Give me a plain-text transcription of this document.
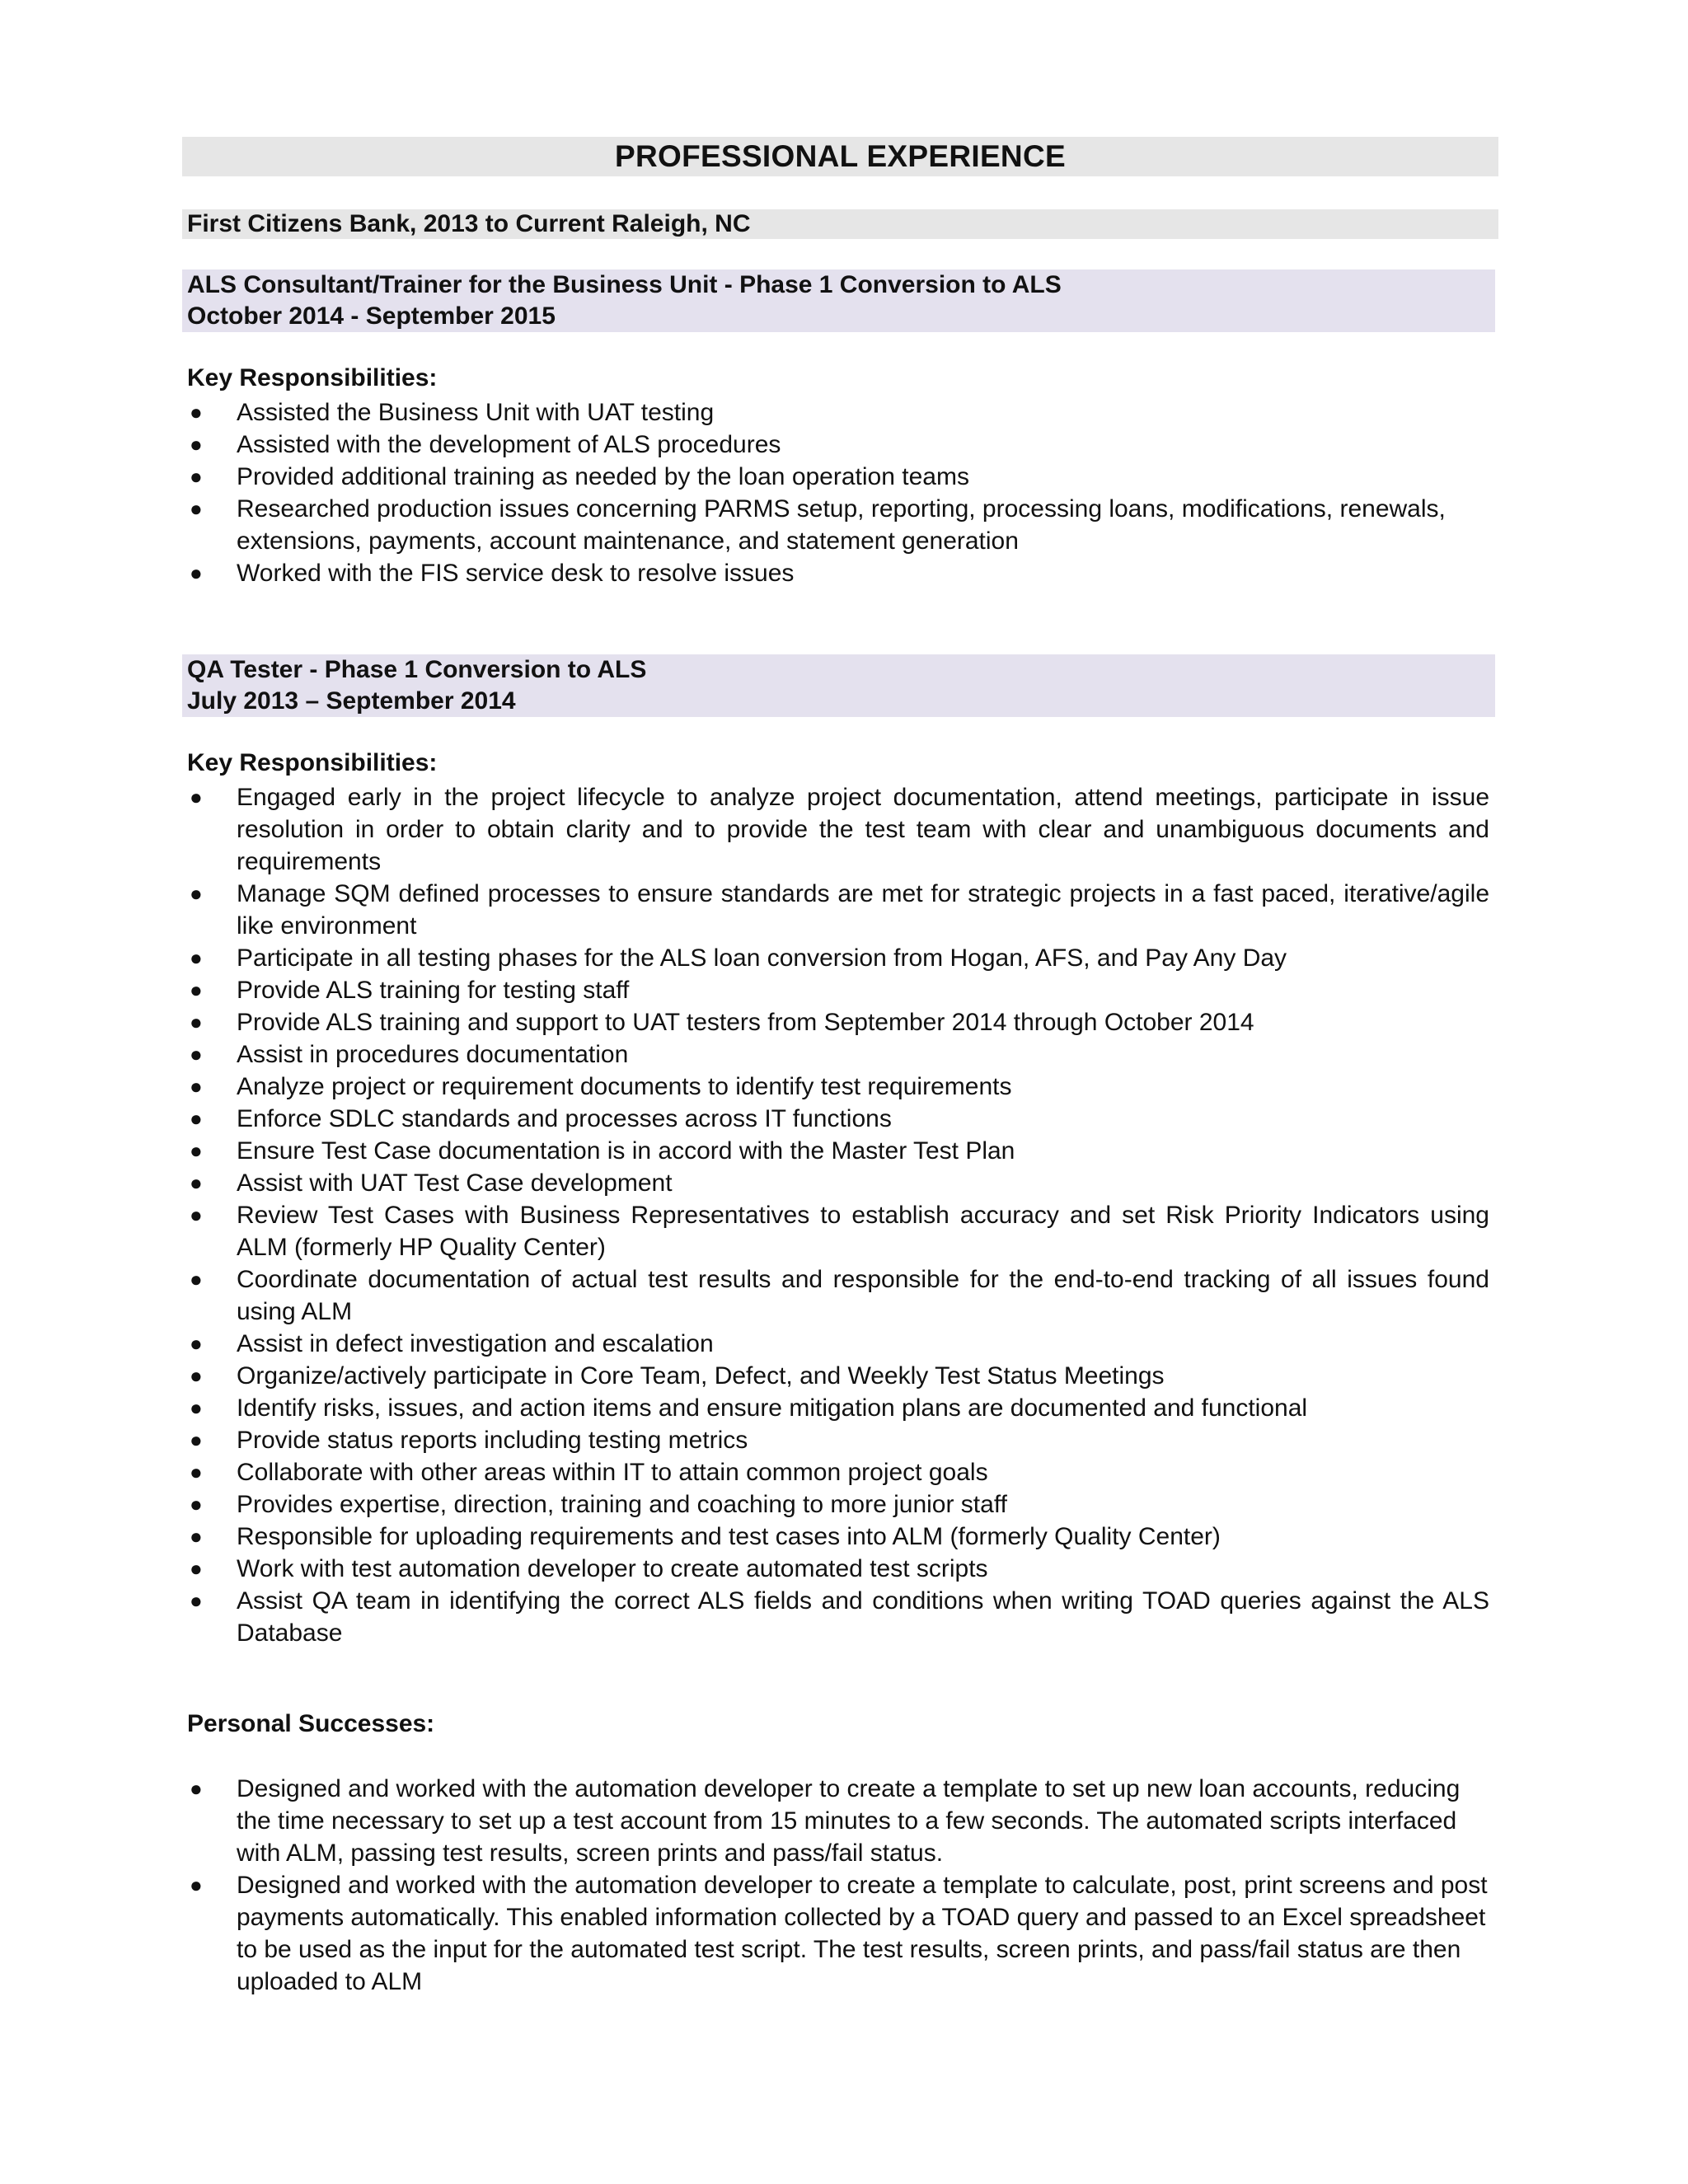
PROFESSIONAL EXPERIENCE
First Citizens Bank, 2013 to Current Raleigh, NC
ALS Consultant/Trainer for the Business Unit - Phase 1 Conversion to ALS
October 2014 - September 2015
Key Responsibilities:
● Assisted the Business Unit with UAT testing
● Assisted with the development of ALS procedures
● Provided additional training as needed by the loan operation teams
● Researched production issues concerning PARMS setup, reporting, processing loans, modifications, renewals, extensions, payments, account maintenance, and statement generation
● Worked with the FIS service desk to resolve issues
QA Tester - Phase 1 Conversion to ALS
July 2013 – September 2014
Key Responsibilities:
● Engaged early in the project lifecycle to analyze project documentation, attend meetings, participate in issue resolution in order to obtain clarity and to provide the test team with clear and unambiguous documents and requirements
● Manage SQM defined processes to ensure standards are met for strategic projects in a fast paced, iterative/agile like environment
● Participate in all testing phases for the ALS loan conversion from Hogan, AFS, and Pay Any Day
● Provide ALS training for testing staff
● Provide ALS training and support to UAT testers from September 2014 through October 2014
● Assist in procedures documentation
● Analyze project or requirement documents to identify test requirements
● Enforce SDLC standards and processes across IT functions
● Ensure Test Case documentation is in accord with the Master Test Plan
● Assist with UAT Test Case development
● Review Test Cases with Business Representatives to establish accuracy and set Risk Priority Indicators using ALM (formerly HP Quality Center)
● Coordinate documentation of actual test results and responsible for the end-to-end tracking of all issues found using ALM
● Assist in defect investigation and escalation
● Organize/actively participate in Core Team, Defect, and Weekly Test Status Meetings
● Identify risks, issues, and action items and ensure mitigation plans are documented and functional
● Provide status reports including testing metrics
● Collaborate with other areas within IT to attain common project goals
● Provides expertise, direction, training and coaching to more junior staff
● Responsible for uploading requirements and test cases into ALM (formerly Quality Center)
● Work with test automation developer to create automated test scripts
● Assist QA team in identifying the correct ALS fields and conditions when writing TOAD queries against the ALS Database
Personal Successes:
● Designed and worked with the automation developer to create a template to set up new loan accounts, reducing the time necessary to set up a test account from 15 minutes to a few seconds. The automated scripts interfaced with ALM, passing test results, screen prints and pass/fail status.
● Designed and worked with the automation developer to create a template to calculate, post, print screens and post payments automatically. This enabled information collected by a TOAD query and passed to an Excel spreadsheet to be used as the input for the automated test script. The test results, screen prints, and pass/fail status are then uploaded to ALM
